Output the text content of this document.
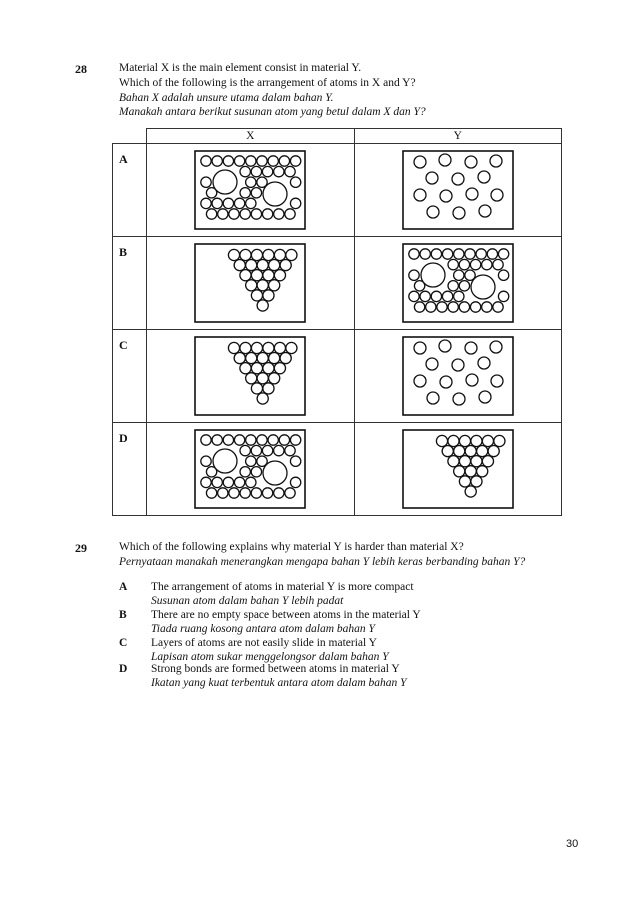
28	Material X is the main element consist in material Y.
Which of the following is the arrangement of atoms in X and Y?
Bahan X adalah unsure utama dalam bahan Y.
Manakah antara berikut susunan atom yang betul dalam X dan Y?
	X	Y
A	

B	

C	

D	

29	Which of the following explains why material Y is harder than material X?
Pernyataan manakah menerangkan mengapa bahan Y lebih keras berbanding bahan Y?
A The arrangement of atoms in material Y is more compact
Susunan atom dalam bahan Y lebih padat
B There are no empty space between atoms in the material Y
Tiada ruang kosong antara atom dalam bahan Y
C Layers of atoms are not easily slide in material Y
Lapisan atom sukar menggelongsor dalam bahan Y
D Strong bonds are formed between atoms in material Y
Ikatan yang kuat terbentuk antara atom dalam bahan Y
30
